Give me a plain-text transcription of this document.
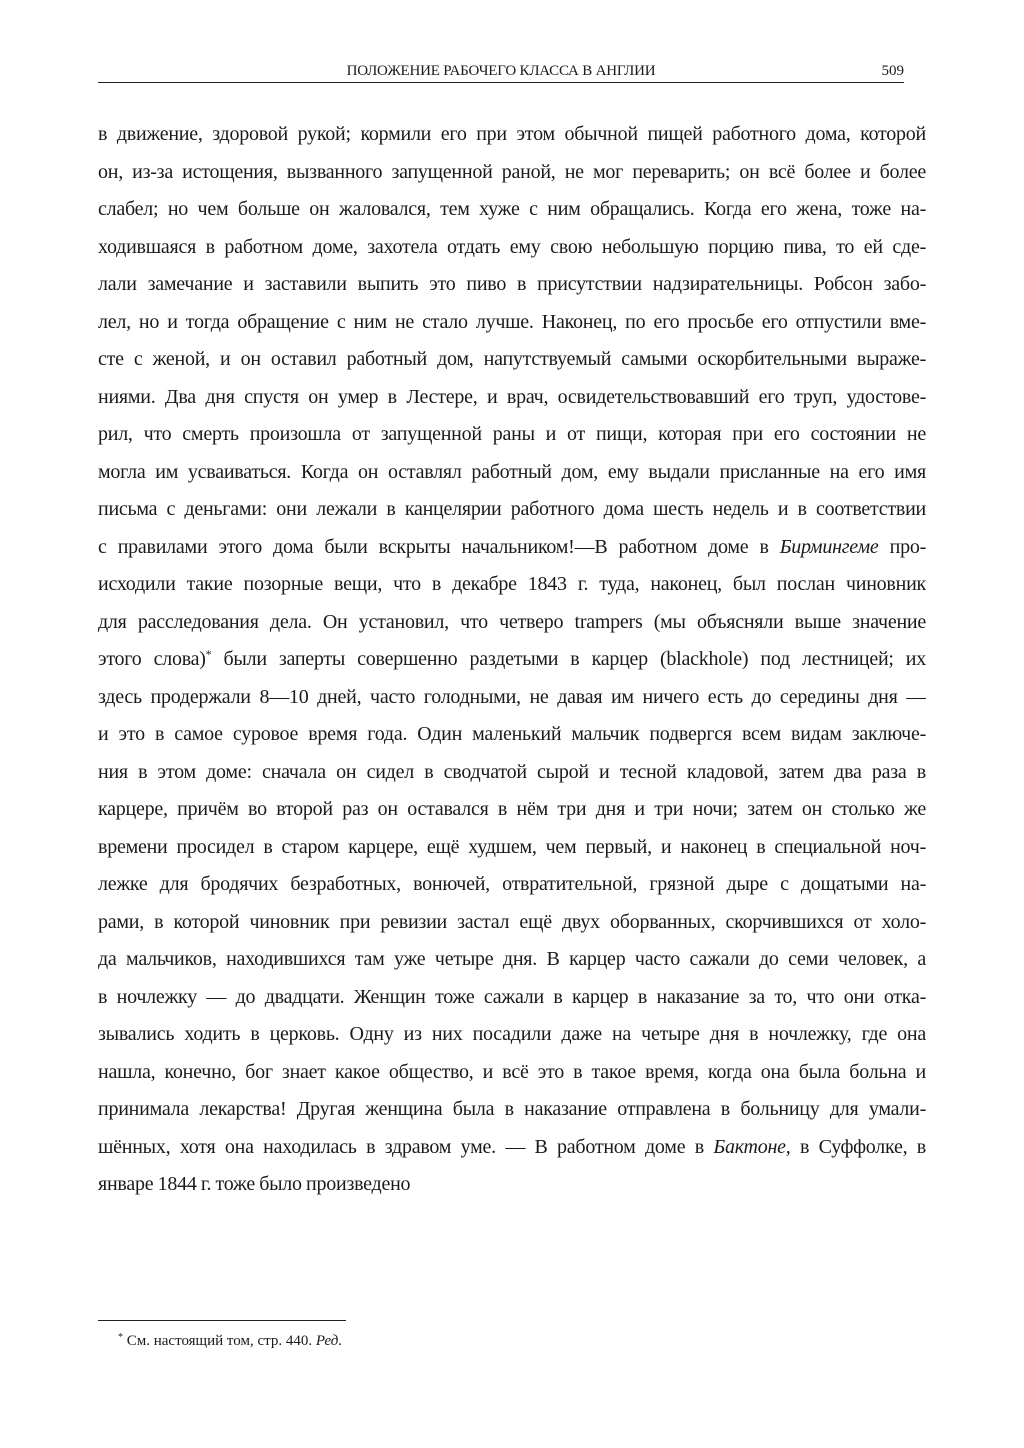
ПОЛОЖЕНИЕ РАБОЧЕГО КЛАССА В АНГЛИИ	509
в движение, здоровой рукой; кормили его при этом обычной пищей работного дома, которой
он, из-за истощения, вызванного запущенной раной, не мог переварить; он всё более и более
слабел; но чем больше он жаловался, тем хуже с ним обращались. Когда его жена, тоже на-
ходившаяся в работном доме, захотела отдать ему свою небольшую порцию пива, то ей сде-
лали замечание и заставили выпить это пиво в присутствии надзирательницы. Робсон забо-
лел, но и тогда обращение с ним не стало лучше. Наконец, по его просьбе его отпустили вме-
сте с женой, и он оставил работный дом, напутствуемый самыми оскорбительными выраже-
ниями. Два дня спустя он умер в Лестере, и врач, освидетельствовавший его труп, удостове-
рил, что смерть произошла от запущенной раны и от пищи, которая при его состоянии не
могла им усваиваться. Когда он оставлял работный дом, ему выдали присланные на его имя
письма с деньгами: они лежали в канцелярии работного дома шесть недель и в соответствии
с правилами этого дома были вскрыты начальником!—В работном доме в Бирмингеме про-
исходили такие позорные вещи, что в декабре 1843 г. туда, наконец, был послан чиновник
для расследования дела. Он установил, что четверо trampers (мы объясняли выше значение
этого слова)* были заперты совершенно раздетыми в карцер (blackhole) под лестницей; их
здесь продержали 8—10 дней, часто голодными, не давая им ничего есть до середины дня —
и это в самое суровое время года. Один маленький мальчик подвергся всем видам заключе-
ния в этом доме: сначала он сидел в сводчатой сырой и тесной кладовой, затем два раза в
карцере, причём во второй раз он оставался в нём три дня и три ночи; затем он столько же
времени просидел в старом карцере, ещё худшем, чем первый, и наконец в специальной ноч-
лежке для бродячих безработных, вонючей, отвратительной, грязной дыре с дощатыми на-
рами, в которой чиновник при ревизии застал ещё двух оборванных, скорчившихся от холо-
да мальчиков, находившихся там уже четыре дня. В карцер часто сажали до семи человек, а
в ночлежку — до двадцати. Женщин тоже сажали в карцер в наказание за то, что они отка-
зывались ходить в церковь. Одну из них посадили даже на четыре дня в ночлежку, где она
нашла, конечно, бог знает какое общество, и всё это в такое время, когда она была больна и
принимала лекарства! Другая женщина была в наказание отправлена в больницу для умали-
шённых, хотя она находилась в здравом уме. — В работном доме в Бактоне, в Суффолке, в
январе 1844 г. тоже было произведено
* См. настоящий том, стр. 440. Ред.
